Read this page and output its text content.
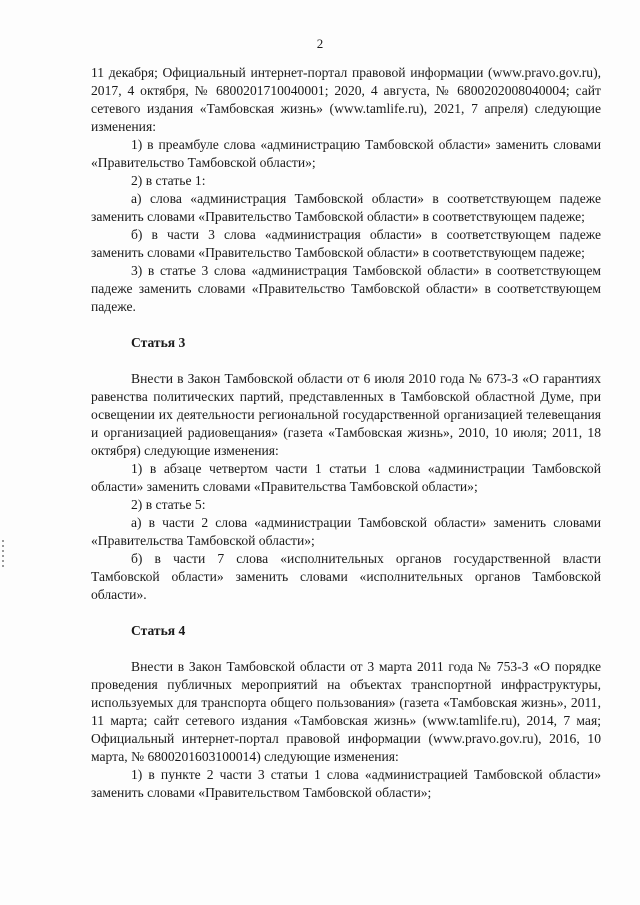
2

11 декабря; Официальный интернет-портал правовой информации (www.pravo.gov.ru), 2017, 4 октября, № 6800201710040001; 2020, 4 августа, № 6800202008040004; сайт сетевого издания «Тамбовская жизнь» (www.tamlife.ru), 2021, 7 апреля) следующие изменения:

1) в преамбуле слова «администрацию Тамбовской области» заменить словами «Правительство Тамбовской области»;

2) в статье 1:

а) слова «администрация Тамбовской области» в соответствующем падеже заменить словами «Правительство Тамбовской области» в соответствующем падеже;

б) в части 3 слова «администрация области» в соответствующем падеже заменить словами «Правительство Тамбовской области» в соответствующем падеже;

3) в статье 3 слова «администрация Тамбовской области» в соответствующем падеже заменить словами «Правительство Тамбовской области» в соответствующем падеже.

Статья 3

Внести в Закон Тамбовской области от 6 июля 2010 года № 673-З «О гарантиях равенства политических партий, представленных в Тамбовской областной Думе, при освещении их деятельности региональной государственной организацией телевещания и организацией радиовещания» (газета «Тамбовская жизнь», 2010, 10 июля; 2011, 18 октября) следующие изменения:

1) в абзаце четвертом части 1 статьи 1 слова «администрации Тамбовской области» заменить словами «Правительства Тамбовской области»;

2) в статье 5:

а) в части 2 слова «администрации Тамбовской области» заменить словами «Правительства Тамбовской области»;

б) в части 7 слова «исполнительных органов государственной власти Тамбовской области» заменить словами «исполнительных органов Тамбовской области».

Статья 4

Внести в Закон Тамбовской области от 3 марта 2011 года № 753-З «О порядке проведения публичных мероприятий на объектах транспортной инфраструктуры, используемых для транспорта общего пользования» (газета «Тамбовская жизнь», 2011, 11 марта; сайт сетевого издания «Тамбовская жизнь» (www.tamlife.ru), 2014, 7 мая; Официальный интернет-портал правовой информации (www.pravo.gov.ru), 2016, 10 марта, № 6800201603100014) следующие изменения:

1) в пункте 2 части 3 статьи 1 слова «администрацией Тамбовской области» заменить словами «Правительством Тамбовской области»;
